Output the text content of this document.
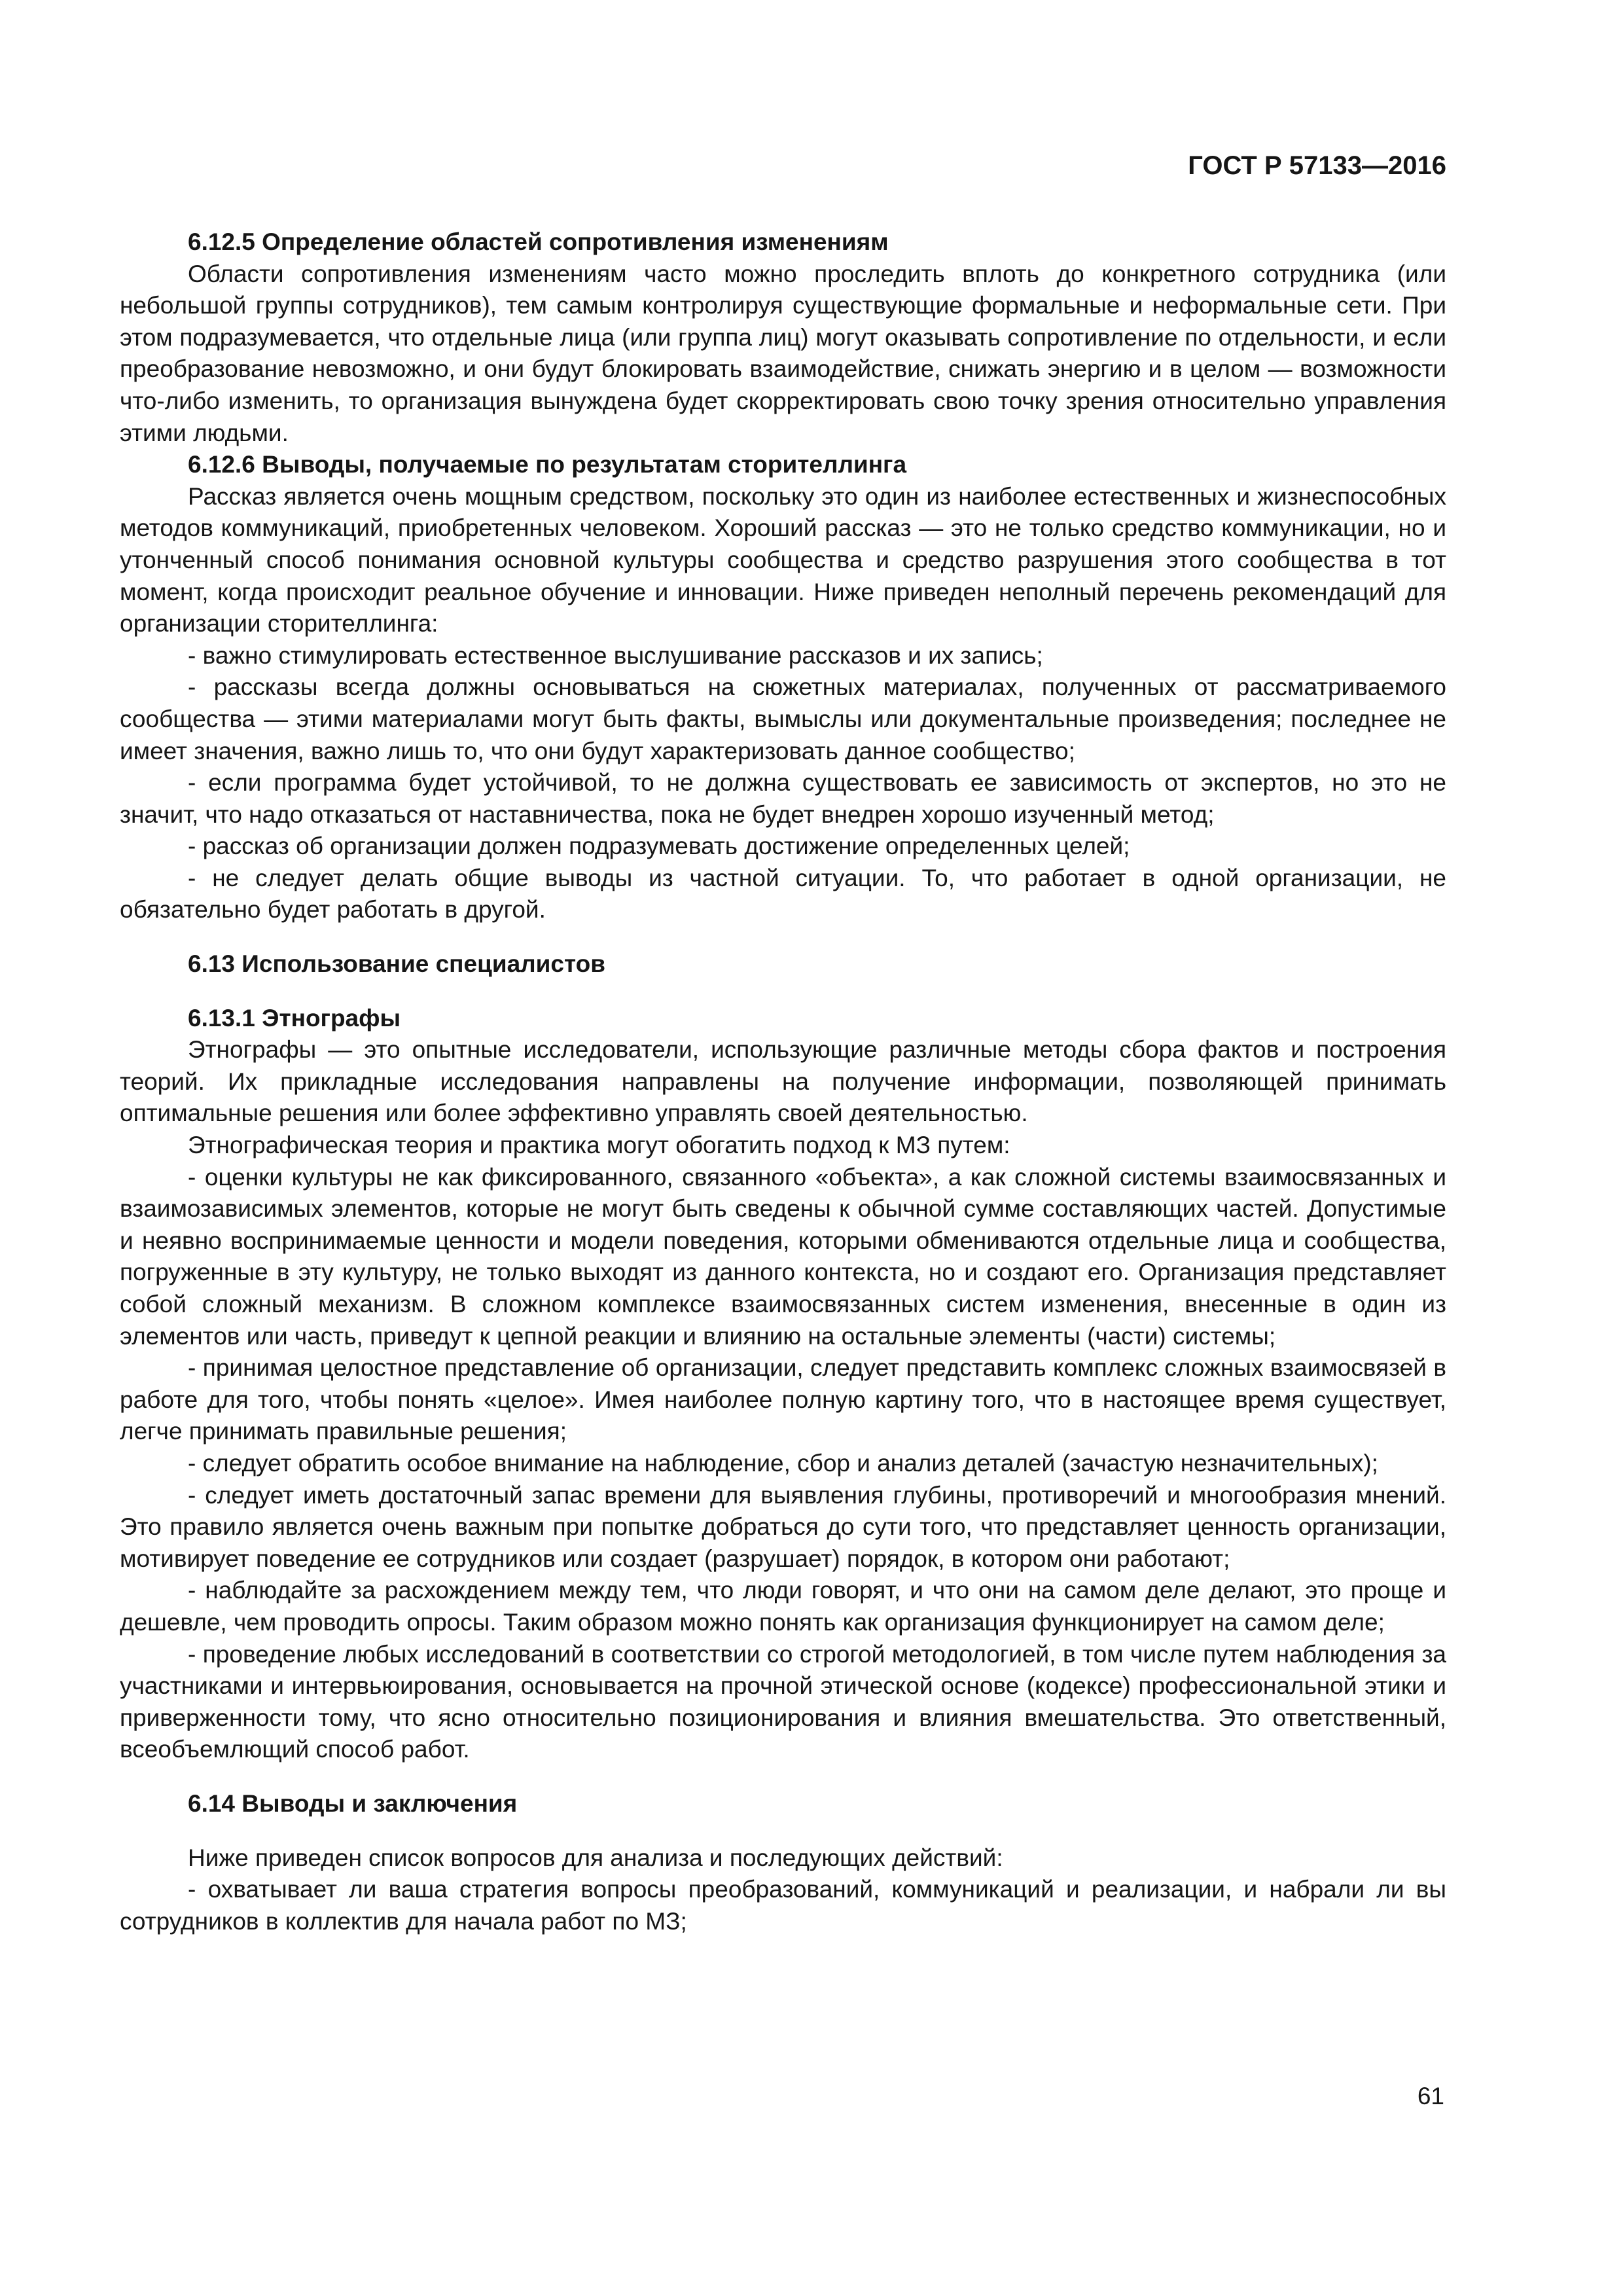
ГОСТ Р 57133—2016

6.12.5 Определение областей сопротивления изменениям

Области сопротивления изменениям часто можно проследить вплоть до конкретного сотрудника (или небольшой группы сотрудников), тем самым контролируя существующие формальные и неформальные сети. При этом подразумевается, что отдельные лица (или группа лиц) могут оказывать сопротивление по отдельности, и если преобразование невозможно, и они будут блокировать взаимодействие, снижать энергию и в целом — возможности что-либо изменить, то организация вынуждена будет скорректировать свою точку зрения относительно управления этими людьми.

6.12.6 Выводы, получаемые по результатам сторителлинга

Рассказ является очень мощным средством, поскольку это один из наиболее естественных и жизнеспособных методов коммуникаций, приобретенных человеком. Хороший рассказ — это не только средство коммуникации, но и утонченный способ понимания основной культуры сообщества и средство разрушения этого сообщества в тот момент, когда происходит реальное обучение и инновации. Ниже приведен неполный перечень рекомендаций для организации сторителлинга:

- важно стимулировать естественное выслушивание рассказов и их запись;

- рассказы всегда должны основываться на сюжетных материалах, полученных от рассматриваемого сообщества — этими материалами могут быть факты, вымыслы или документальные произведения; последнее не имеет значения, важно лишь то, что они будут характеризовать данное сообщество;

- если программа будет устойчивой, то не должна существовать ее зависимость от экспертов, но это не значит, что надо отказаться от наставничества, пока не будет внедрен хорошо изученный метод;

- рассказ об организации должен подразумевать достижение определенных целей;

- не следует делать общие выводы из частной ситуации. То, что работает в одной организации, не обязательно будет работать в другой.

6.13 Использование специалистов

6.13.1 Этнографы

Этнографы — это опытные исследователи, использующие различные методы сбора фактов и построения теорий. Их прикладные исследования направлены на получение информации, позволяющей принимать оптимальные решения или более эффективно управлять своей деятельностью.

Этнографическая теория и практика могут обогатить подход к МЗ путем:

- оценки культуры не как фиксированного, связанного «объекта», а как сложной системы взаимосвязанных и взаимозависимых элементов, которые не могут быть сведены к обычной сумме составляющих частей. Допустимые и неявно воспринимаемые ценности и модели поведения, которыми обмениваются отдельные лица и сообщества, погруженные в эту культуру, не только выходят из данного контекста, но и создают его. Организация представляет собой сложный механизм. В сложном комплексе взаимосвязанных систем изменения, внесенные в один из элементов или часть, приведут к цепной реакции и влиянию на остальные элементы (части) системы;

- принимая целостное представление об организации, следует представить комплекс сложных взаимосвязей в работе для того, чтобы понять «целое». Имея наиболее полную картину того, что в настоящее время существует, легче принимать правильные решения;

- следует обратить особое внимание на наблюдение, сбор и анализ деталей (зачастую незначительных);

- следует иметь достаточный запас времени для выявления глубины, противоречий и многообразия мнений. Это правило является очень важным при попытке добраться до сути того, что представляет ценность организации, мотивирует поведение ее сотрудников или создает (разрушает) порядок, в котором они работают;

- наблюдайте за расхождением между тем, что люди говорят, и что они на самом деле делают, это проще и дешевле, чем проводить опросы. Таким образом можно понять как организация функционирует на самом деле;

- проведение любых исследований в соответствии со строгой методологией, в том числе путем наблюдения за участниками и интервьюирования, основывается на прочной этической основе (кодексе) профессиональной этики и приверженности тому, что ясно относительно позиционирования и влияния вмешательства. Это ответственный, всеобъемлющий способ работ.

6.14 Выводы и заключения

Ниже приведен список вопросов для анализа и последующих действий:

- охватывает ли ваша стратегия вопросы преобразований, коммуникаций и реализации, и набрали ли вы сотрудников в коллектив для начала работ по МЗ;

61
